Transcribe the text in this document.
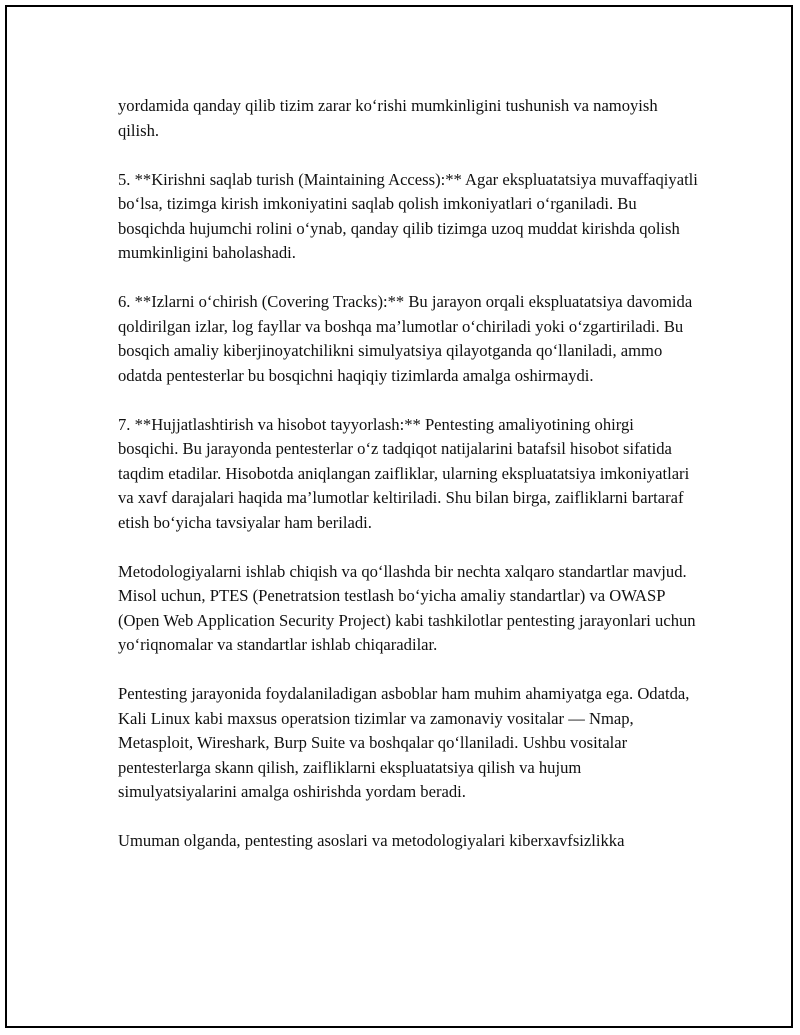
yordamida qanday qilib tizim zarar ko‘rishi mumkinligini tushunish va namoyish qilish.

5. **Kirishni saqlab turish (Maintaining Access):** Agar ekspluatatsiya muvaffaqiyatli bo‘lsa, tizimga kirish imkoniyatini saqlab qolish imkoniyatlari o‘rganiladi. Bu bosqichda hujumchi rolini o‘ynab, qanday qilib tizimga uzoq muddat kirishda qolish mumkinligini baholashadi.

6. **Izlarni o‘chirish (Covering Tracks):** Bu jarayon orqali ekspluatatsiya davomida qoldirilgan izlar, log fayllar va boshqa ma’lumotlar o‘chiriladi yoki o‘zgartiriladi. Bu bosqich amaliy kiberjinoyatchilikni simulyatsiya qilayotganda qo‘llaniladi, ammo odatda pentesterlar bu bosqichni haqiqiy tizimlarda amalga oshirmaydi.

7. **Hujjatlashtirish va hisobot tayyorlash:** Pentesting amaliyotining ohirgi bosqichi. Bu jarayonda pentesterlar o‘z tadqiqot natijalarini batafsil hisobot sifatida taqdim etadilar. Hisobotda aniqlangan zaifliklar, ularning ekspluatatsiya imkoniyatlari va xavf darajalari haqida ma’lumotlar keltiriladi. Shu bilan birga, zaifliklarni bartaraf etish bo‘yicha tavsiyalar ham beriladi.

Metodologiyalarni ishlab chiqish va qo‘llashda bir nechta xalqaro standartlar mavjud. Misol uchun, PTES (Penetratsion testlash bo‘yicha amaliy standartlar) va OWASP (Open Web Application Security Project) kabi tashkilotlar pentesting jarayonlari uchun yo‘riqnomalar va standartlar ishlab chiqaradilar.

Pentesting jarayonida foydalaniladigan asboblar ham muhim ahamiyatga ega. Odatda, Kali Linux kabi maxsus operatsion tizimlar va zamonaviy vositalar — Nmap, Metasploit, Wireshark, Burp Suite va boshqalar qo‘llaniladi. Ushbu vositalar pentesterlarga skann qilish, zaifliklarni ekspluatatsiya qilish va hujum simulyatsiyalarini amalga oshirishda yordam beradi.

Umuman olganda, pentesting asoslari va metodologiyalari kiberxavfsizlikka
